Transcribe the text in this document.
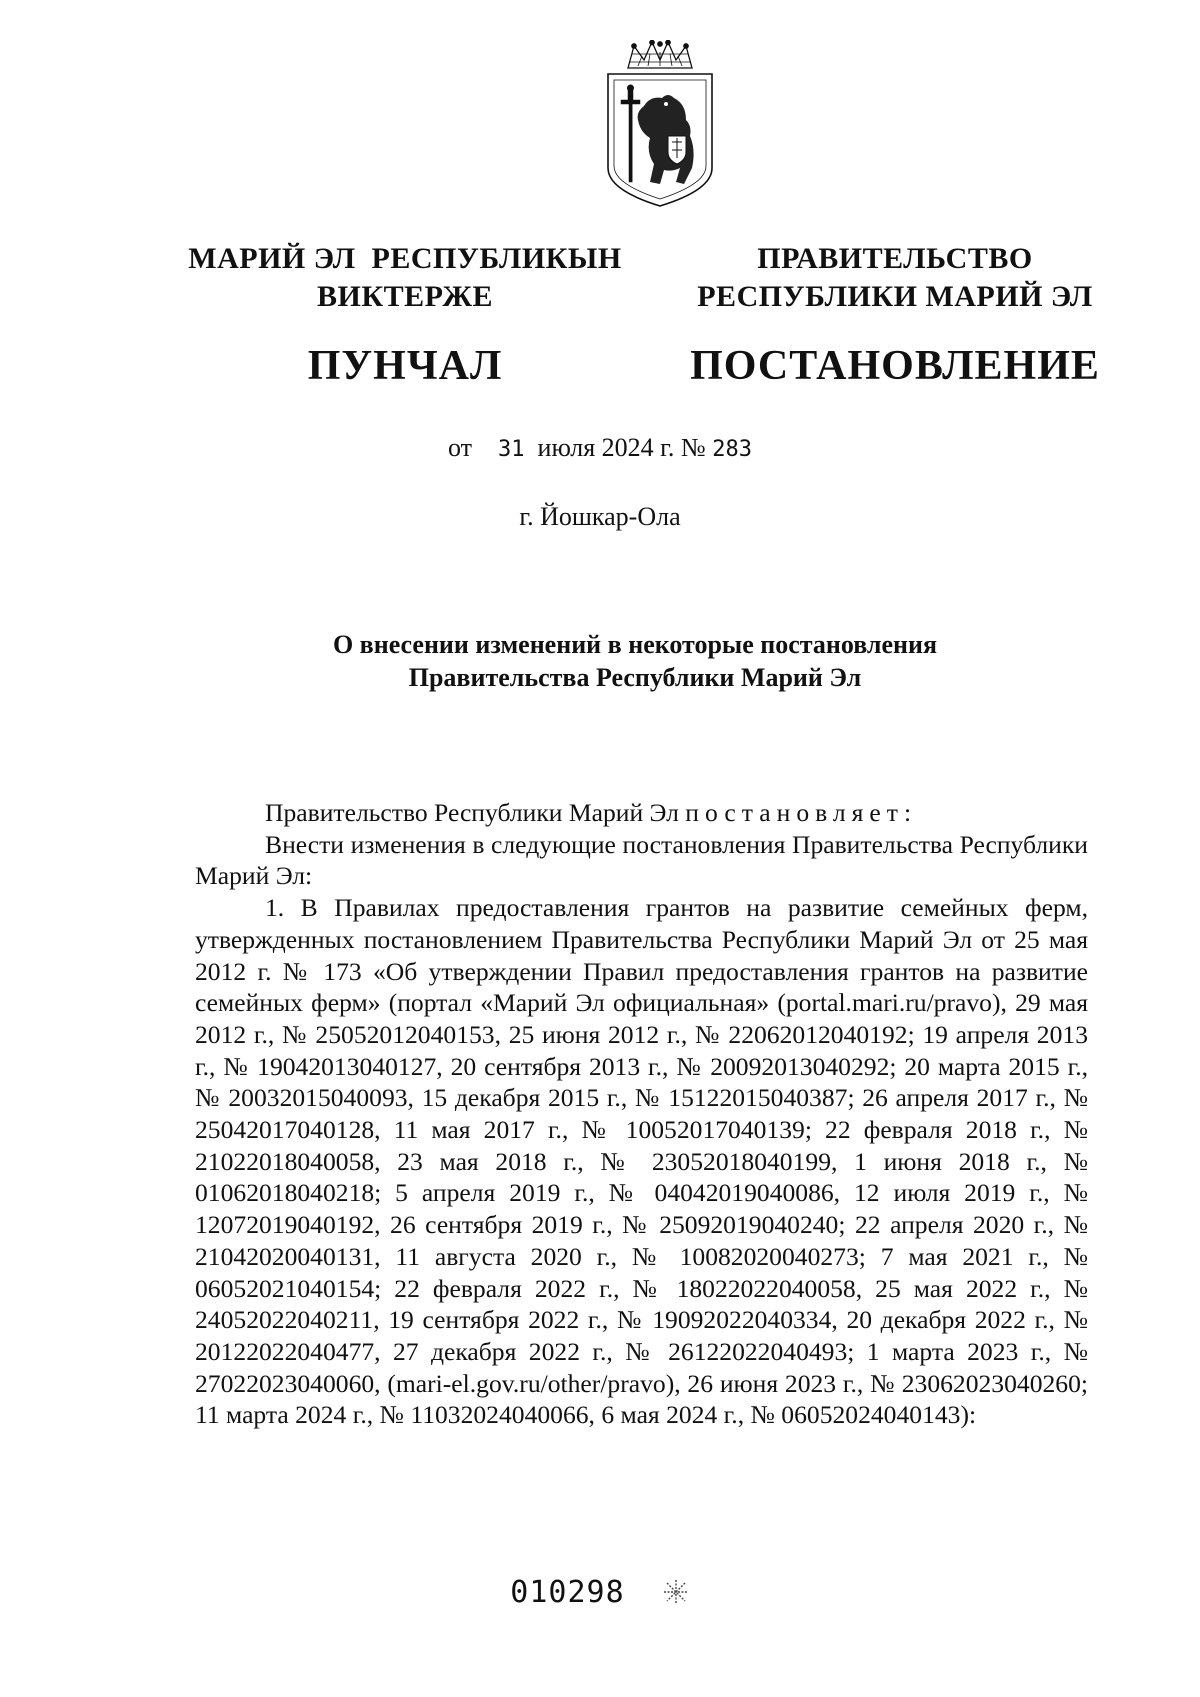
МАРИЙ ЭЛ  РЕСПУБЛИКЫН
ВИКТЕРЖЕ
ПУНЧАЛ
ПРАВИТЕЛЬСТВО
РЕСПУБЛИКИ МАРИЙ ЭЛ
ПОСТАНОВЛЕНИЕ
от 31 июля 2024 г. № 283
г. Йошкар-Ола
О внесении изменений в некоторые постановления
Правительства Республики Марий Эл

Правительство Республики Марий Эл постановляет:

Внести изменения в следующие постановления Правительства Республики Марий Эл:

1. В Правилах предоставления грантов на развитие семейных ферм, утвержденных постановлением Правительства Республики Марий Эл от 25 мая 2012 г. № 173 «Об утверждении Правил предоставления грантов на развитие семейных ферм» (портал «Марий Эл официальная» (portal.mari.ru/pravo), 29 мая 2012 г., № 25052012040153, 25 июня 2012 г., № 22062012040192; 19 апреля 2013 г., № 19042013040127, 20 сентября 2013 г., № 20092013040292; 20 марта 2015 г., № 20032015040093, 15 декабря 2015 г., № 15122015040387; 26 апреля 2017 г., № 25042017040128, 11 мая 2017 г., № 10052017040139; 22 февраля 2018 г., № 21022018040058, 23 мая 2018 г., № 23052018040199, 1 июня 2018 г., № 01062018040218; 5 апреля 2019 г., № 04042019040086, 12 июля 2019 г., № 12072019040192, 26 сентября 2019 г., № 25092019040240; 22 апреля 2020 г., № 21042020040131, 11 августа 2020 г., № 10082020040273; 7 мая 2021 г., № 06052021040154; 22 февраля 2022 г., № 18022022040058, 25 мая 2022 г., № 24052022040211, 19 сентября 2022 г., № 19092022040334, 20 декабря 2022 г., № 20122022040477, 27 декабря 2022 г., № 26122022040493; 1 марта 2023 г., № 27022023040060, (mari-el.gov.ru/other/pravo), 26 июня 2023 г., № 23062023040260; 11 марта 2024 г., № 11032024040066, 6 мая 2024 г., № 06052024040143):

010298
